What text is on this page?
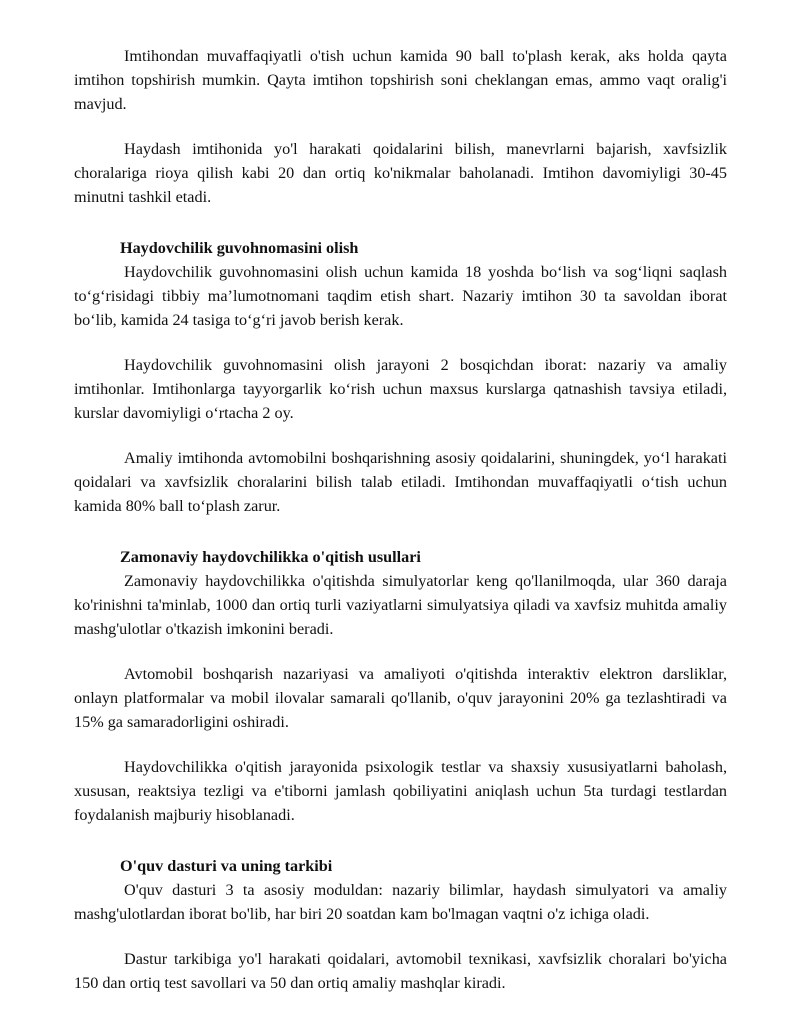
Imtihondan muvaffaqiyatli o'tish uchun kamida 90 ball to'plash kerak, aks holda qayta imtihon topshirish mumkin. Qayta imtihon topshirish soni cheklangan emas, ammo vaqt oralig'i mavjud.

Haydash imtihonida yo'l harakati qoidalarini bilish, manevrlarni bajarish, xavfsizlik choralariga rioya qilish kabi 20 dan ortiq ko'nikmalar baholanadi. Imtihon davomiyligi 30-45 minutni tashkil etadi.

Haydovchilik guvohnomasini olish

Haydovchilik guvohnomasini olish uchun kamida 18 yoshda bo‘lish va sog‘liqni saqlash to‘g‘risidagi tibbiy ma’lumotnomani taqdim etish shart. Nazariy imtihon 30 ta savoldan iborat bo‘lib, kamida 24 tasiga to‘g‘ri javob berish kerak.

Haydovchilik guvohnomasini olish jarayoni 2 bosqichdan iborat: nazariy va amaliy imtihonlar. Imtihonlarga tayyorgarlik ko‘rish uchun maxsus kurslarga qatnashish tavsiya etiladi, kurslar davomiyligi o‘rtacha 2 oy.

Amaliy imtihonda avtomobilni boshqarishning asosiy qoidalarini, shuningdek, yo‘l harakati qoidalari va xavfsizlik choralarini bilish talab etiladi. Imtihondan muvaffaqiyatli o‘tish uchun kamida 80% ball to‘plash zarur.

Zamonaviy haydovchilikka o'qitish usullari

Zamonaviy haydovchilikka o'qitishda simulyatorlar keng qo'llanilmoqda, ular 360 daraja ko'rinishni ta'minlab, 1000 dan ortiq turli vaziyatlarni simulyatsiya qiladi va xavfsiz muhitda amaliy mashg'ulotlar o'tkazish imkonini beradi.

Avtomobil boshqarish nazariyasi va amaliyoti o'qitishda interaktiv elektron darsliklar, onlayn platformalar va mobil ilovalar samarali qo'llanib, o'quv jarayonini 20% ga tezlashtiradi va 15% ga samaradorligini oshiradi.

Haydovchilikka o'qitish jarayonida psixologik testlar va shaxsiy xususiyatlarni baholash, xususan, reaktsiya tezligi va e'tiborni jamlash qobiliyatini aniqlash uchun 5ta turdagi testlardan foydalanish majburiy hisoblanadi.

O'quv dasturi va uning tarkibi

O'quv dasturi 3 ta asosiy moduldan: nazariy bilimlar, haydash simulyatori va amaliy mashg'ulotlardan iborat bo'lib, har biri 20 soatdan kam bo'lmagan vaqtni o'z ichiga oladi.

Dastur tarkibiga yo'l harakati qoidalari, avtomobil texnikasi, xavfsizlik choralari bo'yicha 150 dan ortiq test savollari va 50 dan ortiq amaliy mashqlar kiradi.
